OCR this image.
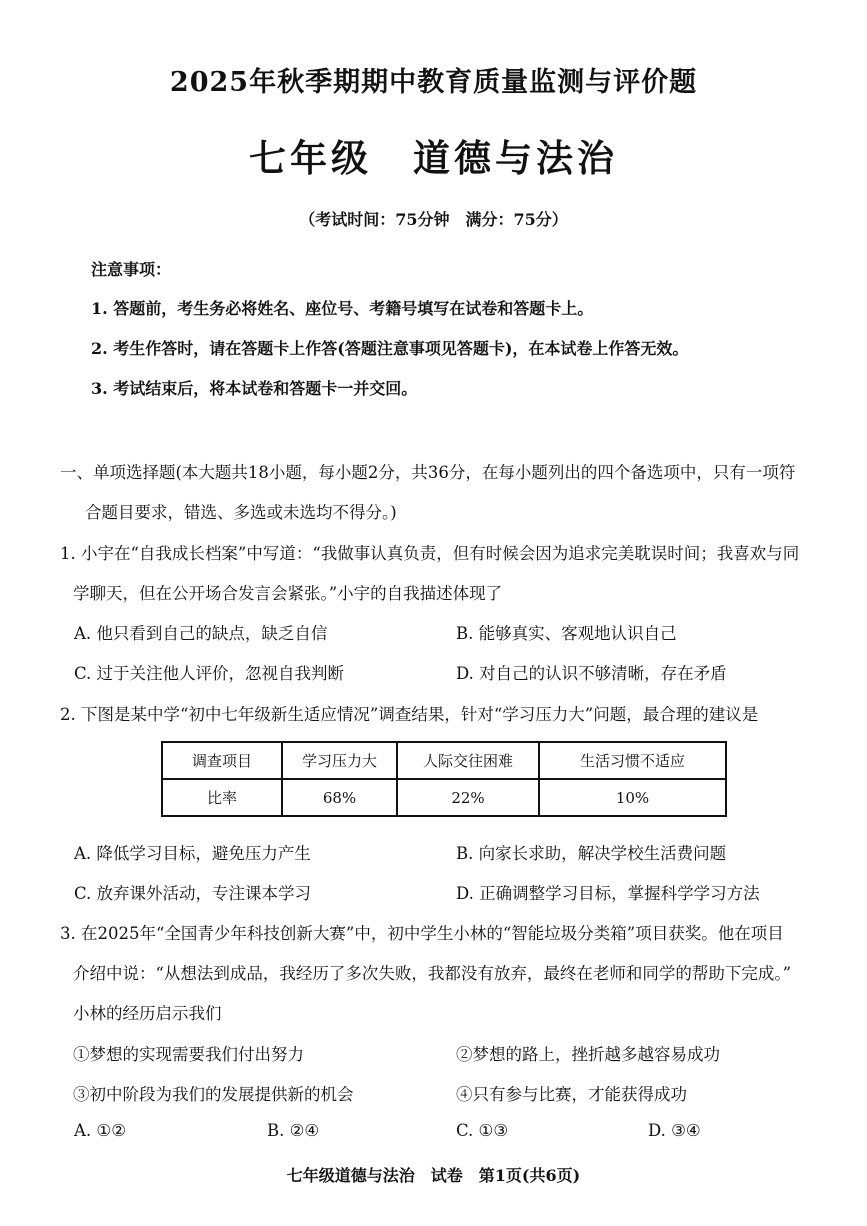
2025年秋季期期中教育质量监测与评价题
七年级　道德与法治
（考试时间：75分钟　满分：75分）
注意事项：
1. 答题前，考生务必将姓名、座位号、考籍号填写在试卷和答题卡上。
2. 考生作答时，请在答题卡上作答(答题注意事项见答题卡)，在本试卷上作答无效。
3. 考试结束后，将本试卷和答题卡一并交回。
一、单项选择题(本大题共18小题，每小题2分，共36分，在每小题列出的四个备选项中，只有一项符
合题目要求，错选、多选或未选均不得分。)
1. 小宇在“自我成长档案”中写道：“我做事认真负责，但有时候会因为追求完美耽误时间；我喜欢与同
学聊天，但在公开场合发言会紧张。”小宇的自我描述体现了
A. 他只看到自己的缺点，缺乏自信	B. 能够真实、客观地认识自己
C. 过于关注他人评价，忽视自我判断	D. 对自己的认识不够清晰，存在矛盾
2. 下图是某中学“初中七年级新生适应情况”调查结果，针对“学习压力大”问题，最合理的建议是
调查项目	学习压力大	人际交往困难	生活习惯不适应
比率	68%	22%	10%
A. 降低学习目标，避免压力产生	B. 向家长求助，解决学校生活费问题
C. 放弃课外活动，专注课本学习	D. 正确调整学习目标，掌握科学学习方法
3. 在2025年“全国青少年科技创新大赛”中，初中学生小林的“智能垃圾分类箱”项目获奖。他在项目
介绍中说：“从想法到成品，我经历了多次失败，我都没有放弃，最终在老师和同学的帮助下完成。”
小林的经历启示我们
①梦想的实现需要我们付出努力	②梦想的路上，挫折越多越容易成功
③初中阶段为我们的发展提供新的机会	④只有参与比赛，才能获得成功
A. ①②	B. ②④	C. ①③	D. ③④
七年级道德与法治　试卷　第1页(共6页)
